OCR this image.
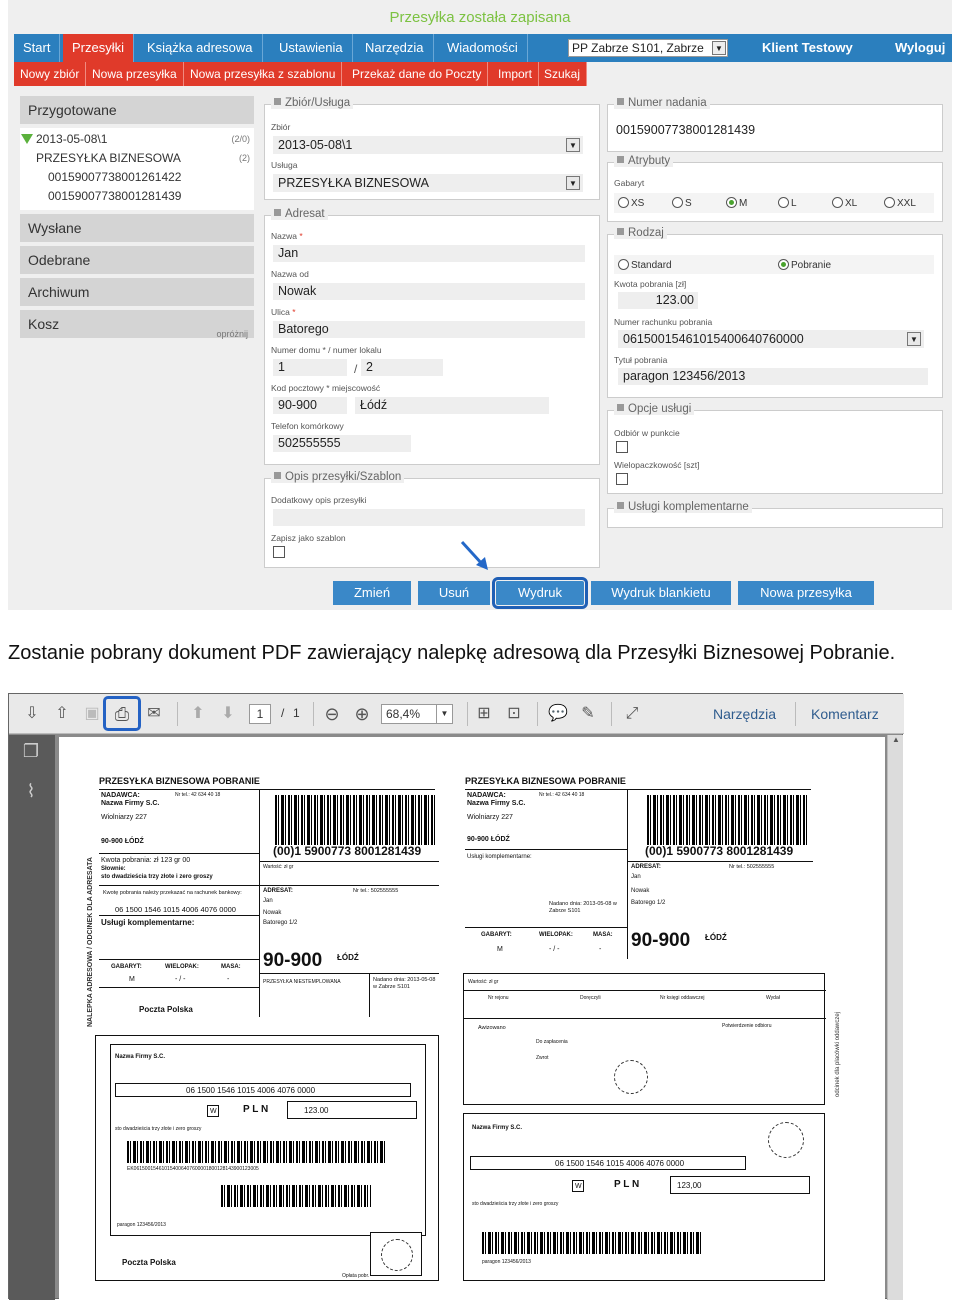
Przesyłka została zapisana
Start	Przesyłki	Książka adresowa	Ustawienia	Narzędzia	Wiadomości	PP Zabrze S101, Zabrze	▼	Klient Testowy	Wyloguj
Nowy zbiór	Nowa przesyłka	Nowa przesyłka z szablonu	Przekaż dane do Poczty	Import Szukaj
Przygotowane
2013-05-08\1	(2/0)
PRZESYŁKA BIZNESOWA	(2)
00159007738001261422
00159007738001281439
Wysłane
Odebrane
Archiwum
Kosz
opróżnij
Zbiór/Usługa
Zbiór
2013-05-08\1	▼
Usługa
PRZESYŁKA BIZNESOWA	▼
Adresat
Nazwa *
Jan
Nazwa od
Nowak
Ulica *
Batorego
Numer domu * / numer lokalu
1	/ 2
Kod pocztowy * miejscowość
90-900	Łódź
Telefon komórkowy
502555555
Opis przesyłki/Szablon
Dodatkowy opis przesyłki
Zapisz jako szablon
Numer nadania
00159007738001281439
Atrybuty
Gabaryt
XS	S	M	L	XL	XXL
Rodzaj
Standard	Pobranie
Kwota pobrania [zł]
123.00
Numer rachunku pobrania
06150015461015400640760000	▼
Tytuł pobrania
paragon 123456/2013
Opcje usługi
Odbiór w punkcie
Wielopaczkowość [szt]
Usługi komplementarne
Zmień	Usuń	Wydruk	Wydruk blankietu	Nowa przesyłka
Zostanie pobrany dokument PDF zawierający nalepkę adresową dla Przesyłki Biznesowej Pobranie.
⇩ ⇧ ▣ ⎙ ✉ ⬆ ⬇	1	/ 1 ⊖ ⊕	68,4%	▼ ⊞ ⊡ 💬 ✎ ⤢	Narzędzia Komentarz
❐
⌇	PRZESYŁKA BIZNESOWA POBRANIE
NALEPKA ADRESOWA / ODCINEK DLA ADRESATA
NADAWCA:	Nr tel.: 42 634 40 18
Nazwa Firmy S.C.
Wiolniarzy 227
90-900 ŁÓDŹ
Kwota pobrania: zł 123 gr 00
Słownie:
sto dwadzieścia trzy złote i zero groszy
Kwotę pobrania należy przekazać na rachunek bankowy:
06 1500 1546 1015 4006 4076 0000
Usługi komplementarne:
GABARYT:
M
WIELOPAK:
- / -
MASA:
-
Poczta Polska
(00)1 5900773 8001281439
Wartość: zł gr
ADRESAT:	Nr tel.: 502555555
Jan
Nowak
Batorego 1/2
90-900 ŁÓDŹ
PRZESYŁKA NIESTEMPLOWANA	Nadano dnia: 2013-05-08 w Zabrze S101
Nazwa Firmy S.C.
06 1500 1546 1015 4006 4076 0000
W	P L N	123.00
sto dwadzieścia trzy złote i zero groszy
EK061500154610154006407600001800128143900123005
paragon 123456/2013
Poczta Polska
Opłata pobr.
PRZESYŁKA BIZNESOWA POBRANIE
NADAWCA:	Nr tel.: 42 634 40 18
Nazwa Firmy S.C.
Wiolniarzy 227
90-900 ŁÓDŹ
Usługi komplementarne:
Nadano dnia: 2013-05-08 w Zabrze S101
GABARYT:
M
WIELOPAK:
- / -
MASA:
-
(00)1 5900773 8001281439
ADRESAT:	Nr tel.: 502555555
Jan
Nowak
Batorego 1/2
90-900 ŁÓDŹ
Wartość: zł gr
Nr rejonu	Doręczyli	Nr księgi oddawczej	Wydał
Awizowano
Do zapłacenia
Zwrot
Potwierdzenie odbioru	odcinek dla placówki oddawczej
Nazwa Firmy S.C.
06 1500 1546 1015 4006 4076 0000
W	P L N	123,00
sto dwadzieścia trzy złote i zero groszy
paragon 123456/2013
▲
